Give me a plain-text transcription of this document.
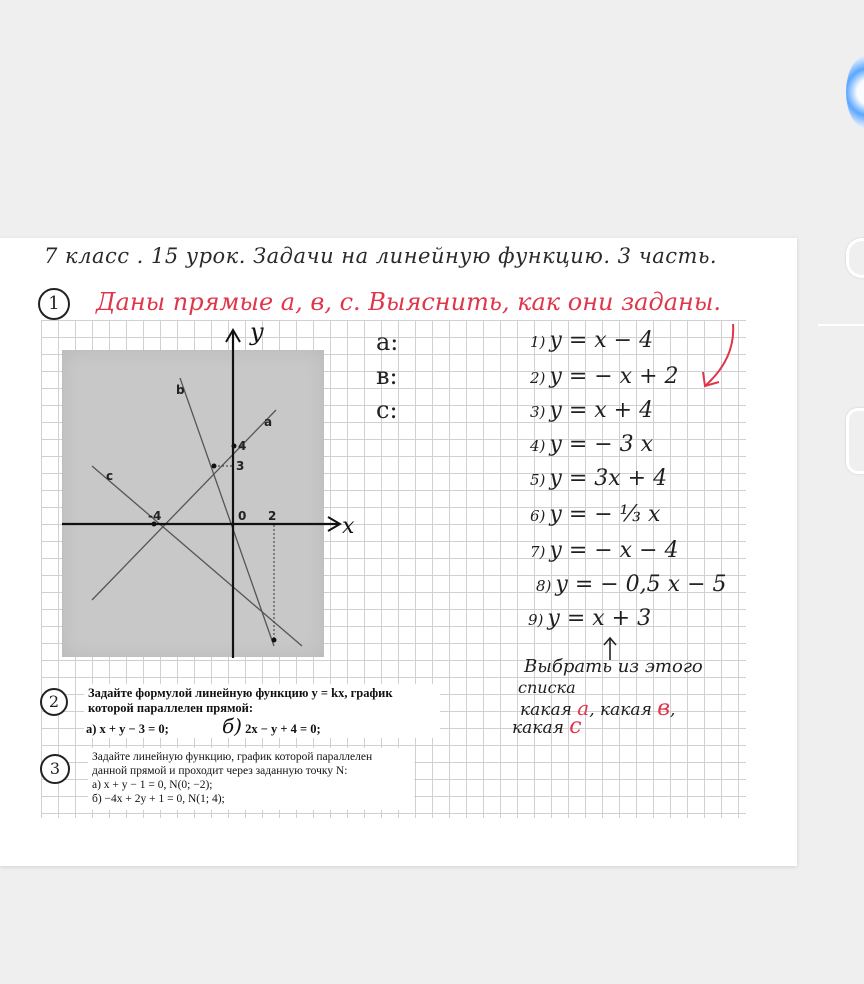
7 класс . 15 урок. Задачи на линейную функцию. 3 часть.
1	Даны прямые a, в, с. Выяснить, как они заданы.
b
a
c
-4
4
3
0 2
y
x
a:
в:
с:
1) y = x − 4
2) y = − x + 2
3) y = x + 4
4) y = − 3 x
5) y = 3x + 4
6) y = − ⅓ x
7) y = − x − 4
8) y = − 0,5 x − 5
9) y = x + 3
Выбрать из этого
списка
какая a, какая в,
какая с
2	Задайте формулой линейную функцию y = kx, график
которой параллелен прямой:
а) x + y − 3 = 0;	б) 2x − y + 4 = 0;
3
Задайте линейную функцию, график которой параллелен
данной прямой и проходит через заданную точку N:
а) x + y − 1 = 0, N(0; −2);
б) −4x + 2y + 1 = 0, N(1; 4);
